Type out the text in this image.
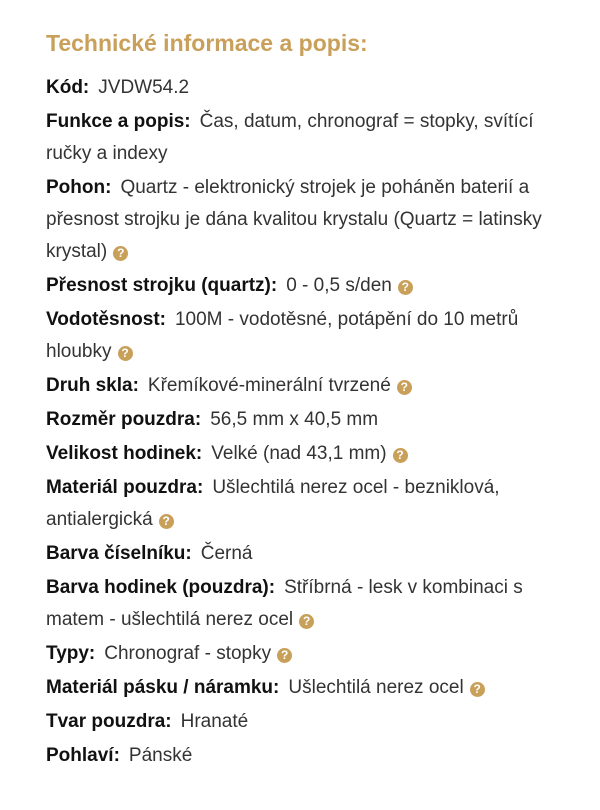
Technické informace a popis:
Kód: JVDW54.2
Funkce a popis: Čas, datum, chronograf = stopky, svítící ručky a indexy
Pohon: Quartz - elektronický strojek je poháněn baterií a přesnost strojku je dána kvalitou krystalu (Quartz = latinsky krystal) ?
Přesnost strojku (quartz): 0 - 0,5 s/den ?
Vodotěsnost: 100M - vodotěsné, potápění do 10 metrů hloubky ?
Druh skla: Křemíkové-minerální tvrzené ?
Rozměr pouzdra: 56,5 mm x 40,5 mm
Velikost hodinek: Velké (nad 43,1 mm) ?
Materiál pouzdra: Ušlechtilá nerez ocel - bezniklová, antialergická ?
Barva číselníku: Černá
Barva hodinek (pouzdra): Stříbrná - lesk v kombinaci s matem - ušlechtilá nerez ocel ?
Typy: Chronograf - stopky ?
Materiál pásku / náramku: Ušlechtilá nerez ocel ?
Tvar pouzdra: Hranaté
Pohlaví: Pánské
